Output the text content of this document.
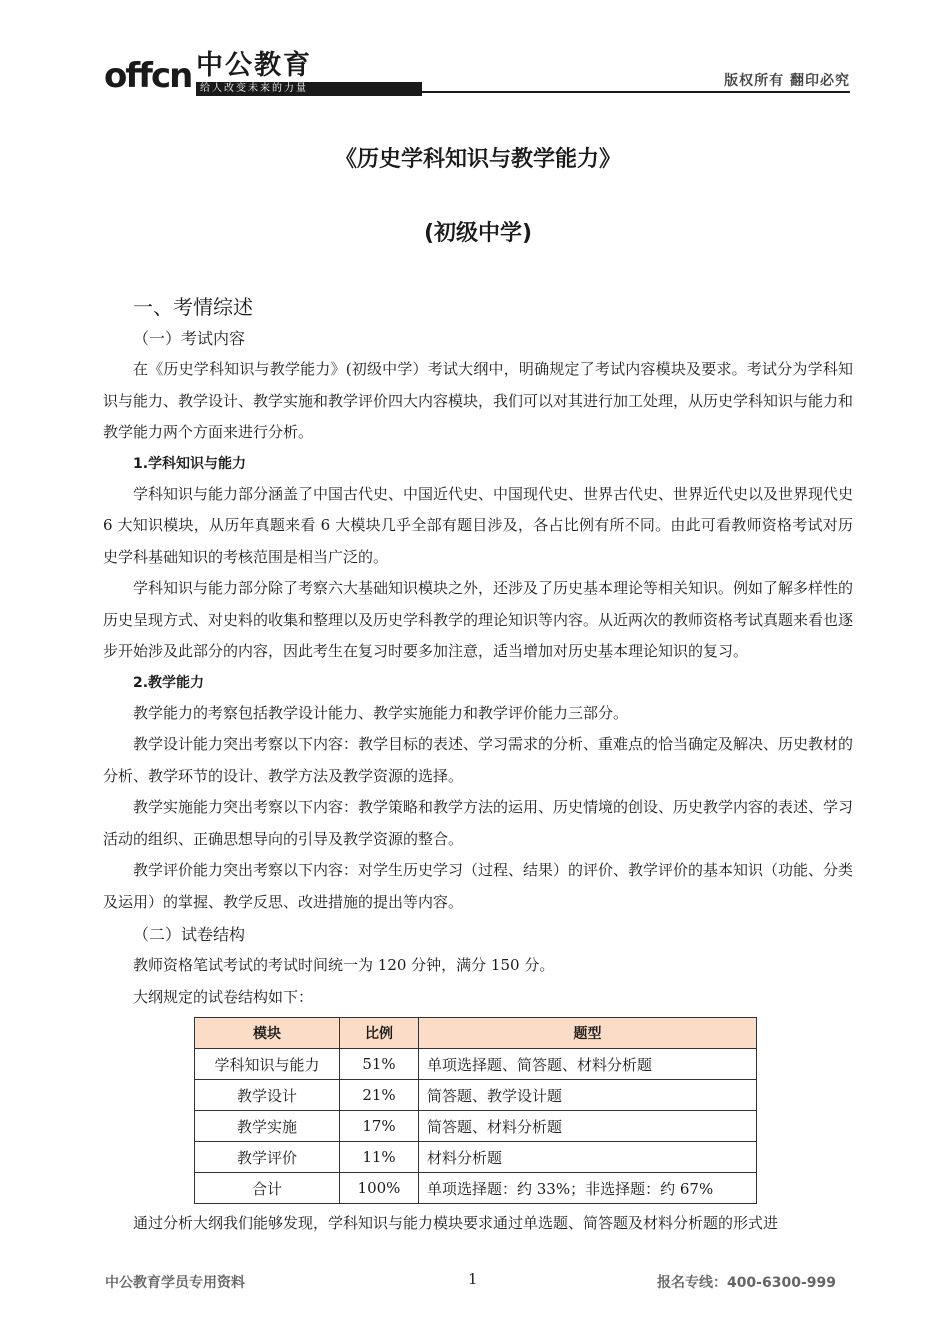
offcn 中公教育
给人改变未来的力量	版权所有 翻印必究
《历史学科知识与教学能力》
(初级中学)
一、考情综述
（一）考试内容

在《历史学科知识与教学能力》(初级中学）考试大纲中，明确规定了考试内容模块及要求。考试分为学科知识与能力、教学设计、教学实施和教学评价四大内容模块，我们可以对其进行加工处理，从历史学科知识与能力和教学能力两个方面来进行分析。

1.学科知识与能力

学科知识与能力部分涵盖了中国古代史、中国近代史、中国现代史、世界古代史、世界近代史以及世界现代史 6 大知识模块，从历年真题来看 6 大模块几乎全部有题目涉及，各占比例有所不同。由此可看教师资格考试对历史学科基础知识的考核范围是相当广泛的。

学科知识与能力部分除了考察六大基础知识模块之外，还涉及了历史基本理论等相关知识。例如了解多样性的历史呈现方式、对史料的收集和整理以及历史学科教学的理论知识等内容。从近两次的教师资格考试真题来看也逐步开始涉及此部分的内容，因此考生在复习时要多加注意，适当增加对历史基本理论知识的复习。

2.教学能力

教学能力的考察包括教学设计能力、教学实施能力和教学评价能力三部分。

教学设计能力突出考察以下内容：教学目标的表述、学习需求的分析、重难点的恰当确定及解决、历史教材的分析、教学环节的设计、教学方法及教学资源的选择。

教学实施能力突出考察以下内容：教学策略和教学方法的运用、历史情境的创设、历史教学内容的表述、学习活动的组织、正确思想导向的引导及教学资源的整合。

教学评价能力突出考察以下内容：对学生历史学习（过程、结果）的评价、教学评价的基本知识（功能、分类及运用）的掌握、教学反思、改进措施的提出等内容。

（二）试卷结构

教师资格笔试考试的考试时间统一为 120 分钟，满分 150 分。

大纲规定的试卷结构如下：

模块	比例	题型
学科知识与能力	51%	单项选择题、简答题、材料分析题
教学设计	21%	简答题、教学设计题
教学实施	17%	简答题、材料分析题
教学评价	11%	材料分析题
合计	100%	单项选择题：约 33%；非选择题：约 67%

通过分析大纲我们能够发现，学科知识与能力模块要求通过单选题、简答题及材料分析题的形式进

中公教育学员专用资料	1	报名专线：400-6300-999
